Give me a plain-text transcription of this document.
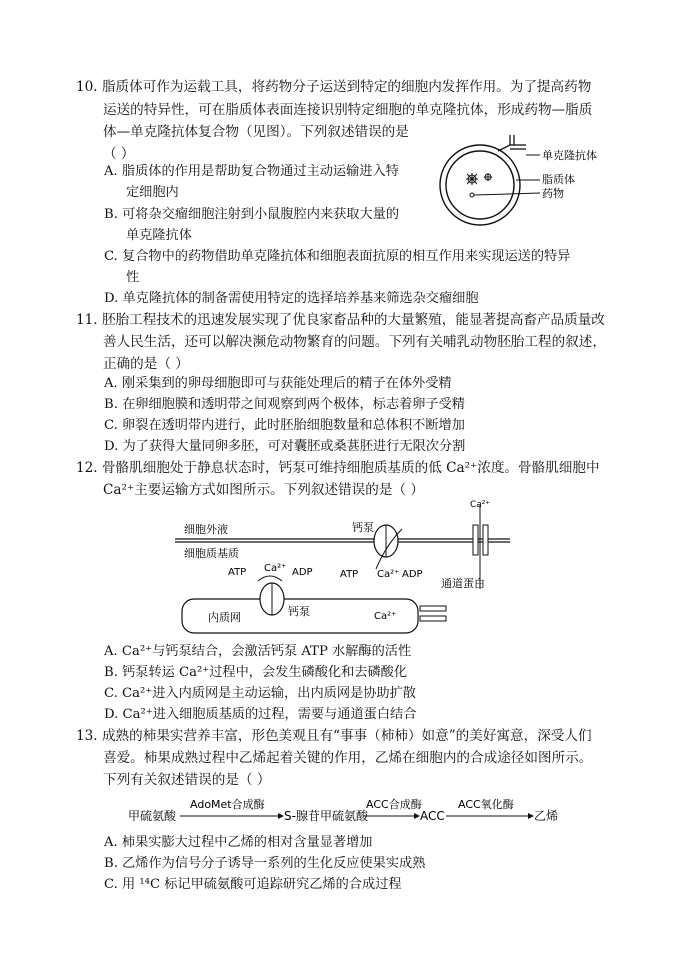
10. 脂质体可作为运载工具，将药物分子运送到特定的细胞内发挥作用。为了提高药物
运送的特异性，可在脂质体表面连接识别特定细胞的单克隆抗体，形成药物—脂质
体—单克隆抗体复合物（见图）。下列叙述错误的是
（ ）
A. 脂质体的作用是帮助复合物通过主动运输进入特
定细胞内
B. 可将杂交瘤细胞注射到小鼠腹腔内来获取大量的
单克隆抗体
C. 复合物中的药物借助单克隆抗体和细胞表面抗原的相互作用来实现运送的特异
性
D. 单克隆抗体的制备需使用特定的选择培养基来筛选杂交瘤细胞
单克隆抗体
脂质体
药物
11. 胚胎工程技术的迅速发展实现了优良家畜品种的大量繁殖，能显著提高畜产品质量改
善人民生活，还可以解决濒危动物繁育的问题。下列有关哺乳动物胚胎工程的叙述，
正确的是（ ）
A. 刚采集到的卵母细胞即可与获能处理后的精子在体外受精
B. 在卵细胞膜和透明带之间观察到两个极体，标志着卵子受精
C. 卵裂在透明带内进行，此时胚胎细胞数量和总体积不断增加
D. 为了获得大量同卵多胚，可对囊胚或桑葚胚进行无限次分割
12. 骨骼肌细胞处于静息状态时，钙泵可维持细胞质基质的低 Ca²⁺浓度。骨骼肌细胞中
Ca²⁺主要运输方式如图所示。下列叙述错误的是（ ）
细胞外液
细胞质基质
钙泵
ATP Ca²⁺ ADP
Ca²⁺
通道蛋白
ATP Ca²⁺ ADP
内质网	钙泵	Ca²⁺
A. Ca²⁺与钙泵结合，会激活钙泵 ATP 水解酶的活性
B. 钙泵转运 Ca²⁺过程中，会发生磷酸化和去磷酸化
C. Ca²⁺进入内质网是主动运输，出内质网是协助扩散
D. Ca²⁺进入细胞质基质的过程，需要与通道蛋白结合
13. 成熟的柿果实营养丰富，形色美观且有“事事（柿柿）如意”的美好寓意，深受人们
喜爱。柿果成熟过程中乙烯起着关键的作用，乙烯在细胞内的合成途径如图所示。
下列有关叙述错误的是（ ）
甲硫氨酸
AdoMet合成酶
S-腺苷甲硫氨酸
ACC合成酶
ACC
ACC氧化酶
乙烯
A. 柿果实膨大过程中乙烯的相对含量显著增加
B. 乙烯作为信号分子诱导一系列的生化反应使果实成熟
C. 用 ¹⁴C 标记甲硫氨酸可追踪研究乙烯的合成过程
